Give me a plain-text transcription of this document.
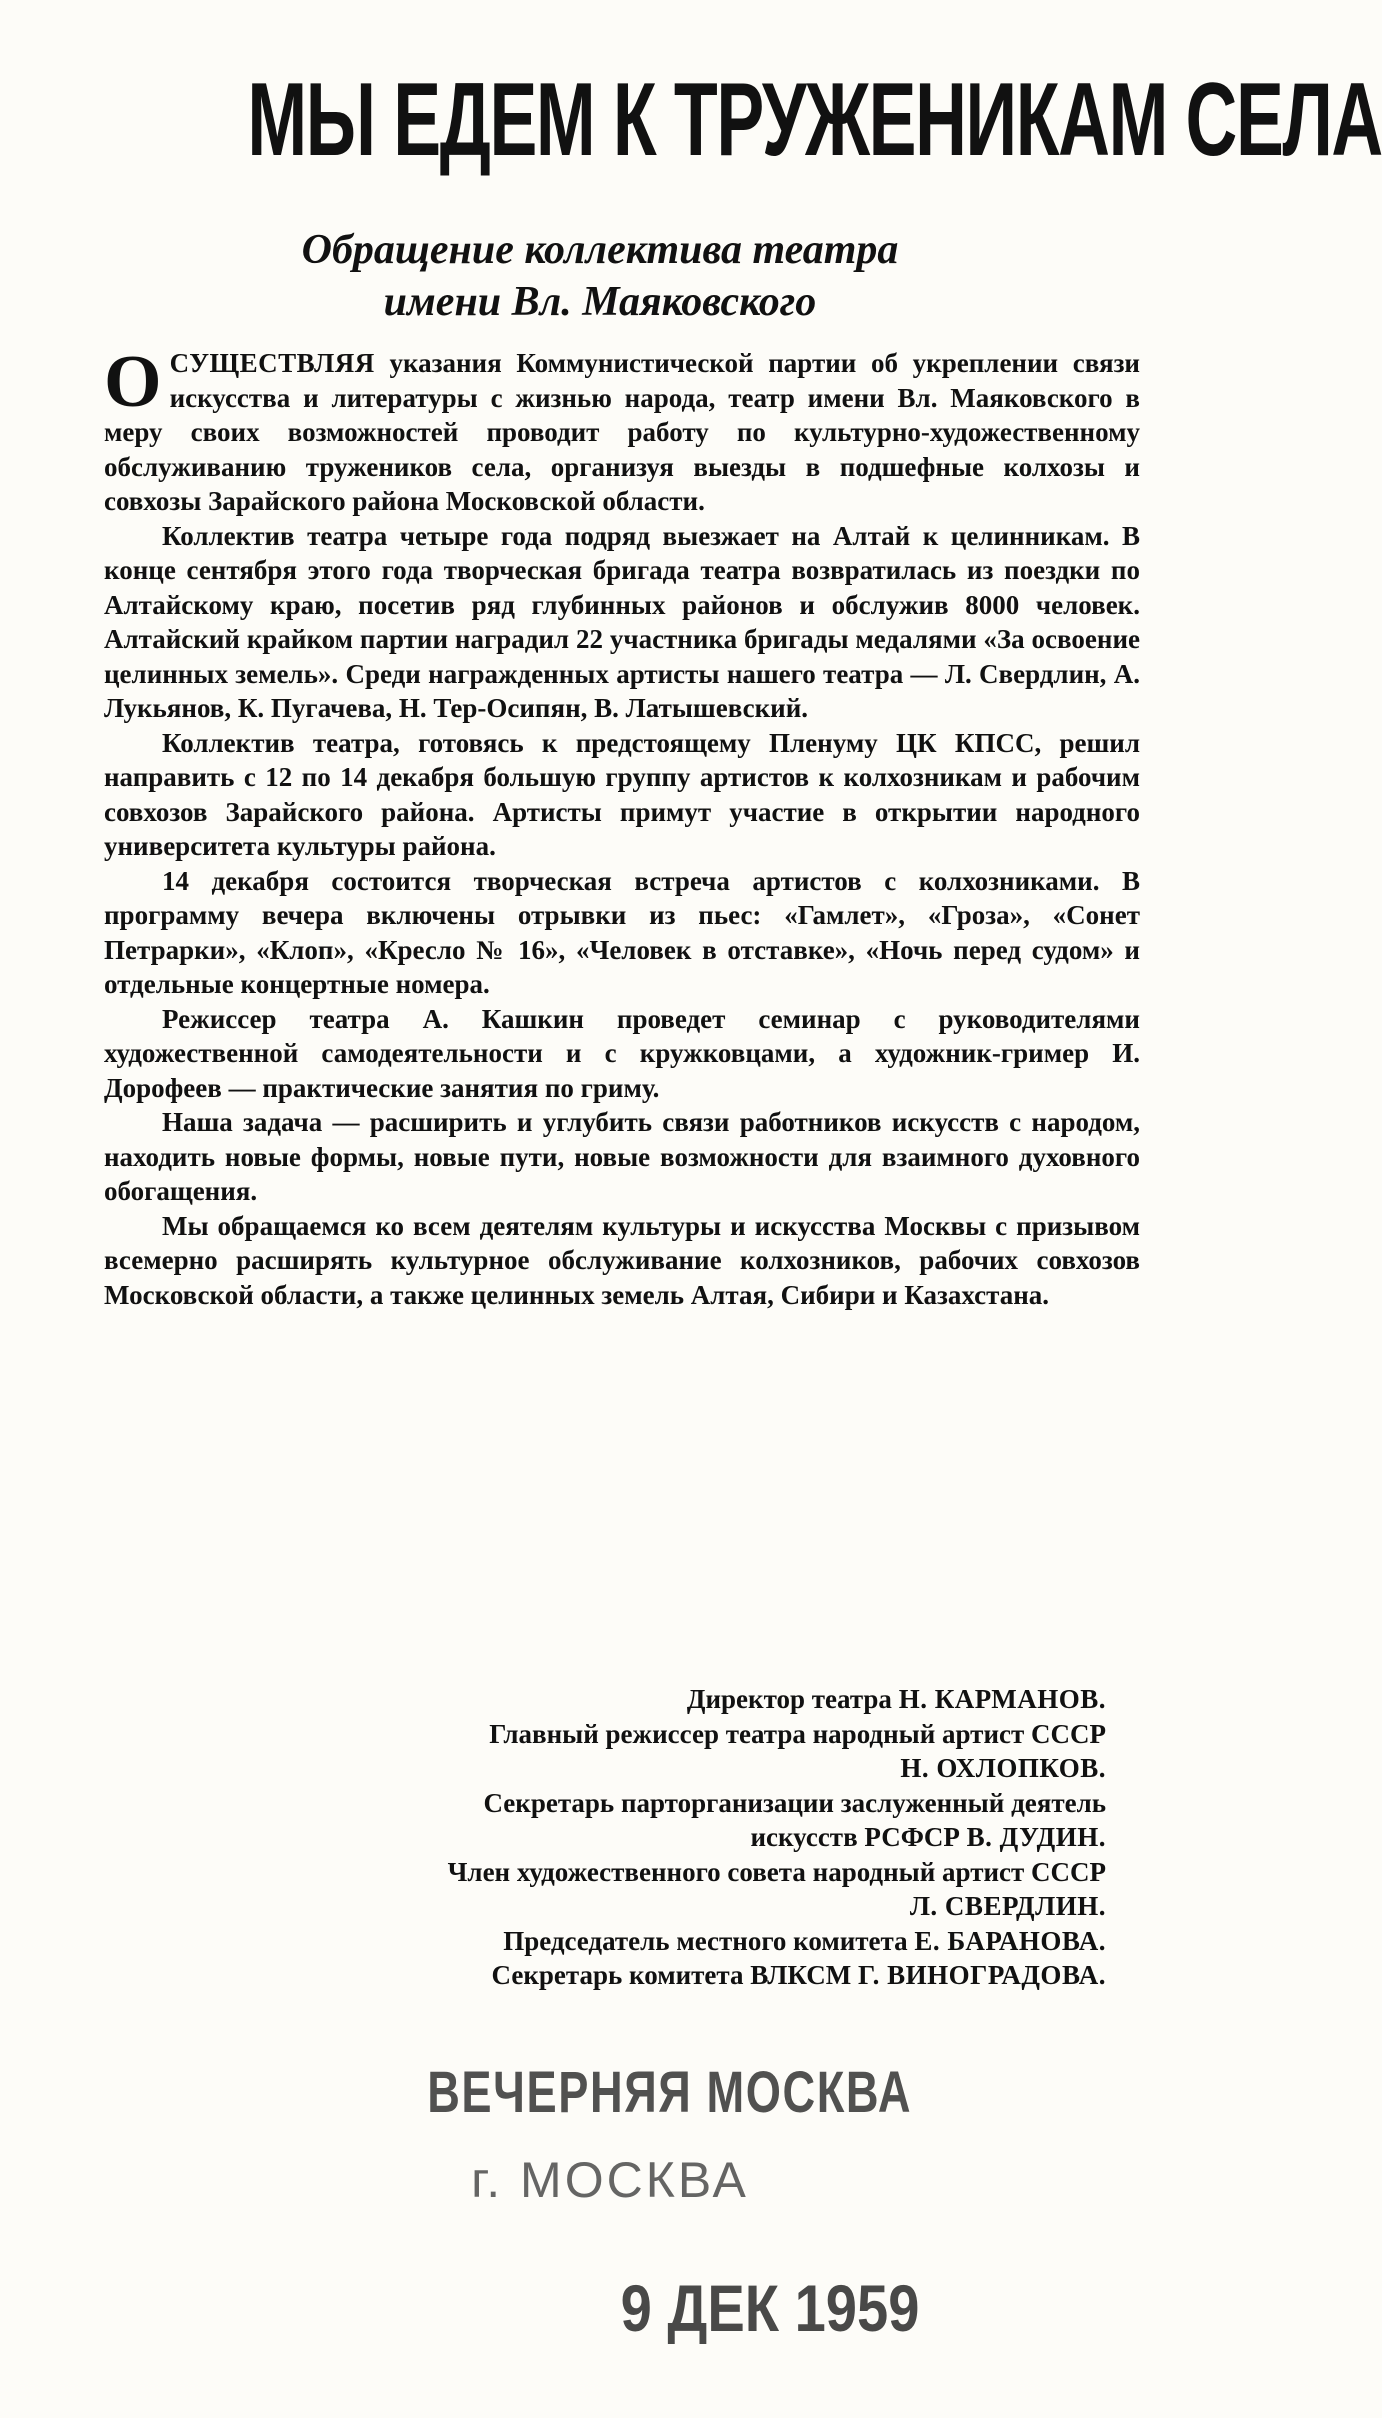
МЫ ЕДЕМ К ТРУЖЕНИКАМ СЕЛА
Обращение коллектива театра
имени Вл. Маяковского

ОСУЩЕСТВЛЯЯ указания Коммунистической партии об укреплении связи искусства и литературы с жизнью народа, театр имени Вл. Маяковского в меру своих возможностей проводит работу по культурно-художественному обслуживанию тружеников села, организуя выезды в подшефные колхозы и совхозы Зарайского района Московской области.

Коллектив театра четыре года подряд выезжает на Алтай к целинникам. В конце сентября этого года творческая бригада театра возвратилась из поездки по Алтайскому краю, посетив ряд глубинных районов и обслужив 8000 человек. Алтайский крайком партии наградил 22 участника бригады медалями «За освоение целинных земель». Среди награжденных артисты нашего театра — Л. Свердлин, А. Лукьянов, К. Пугачева, Н. Тер-Осипян, В. Латышевский.

Коллектив театра, готовясь к предстоящему Пленуму ЦК КПСС, решил направить с 12 по 14 декабря большую группу артистов к колхозникам и рабочим совхозов Зарайского района. Артисты примут участие в открытии народного университета культуры района.

14 декабря состоится творческая встреча артистов с колхозниками. В программу вечера включены отрывки из пьес: «Гамлет», «Гроза», «Сонет Петрарки», «Клоп», «Кресло № 16», «Человек в отставке», «Ночь перед судом» и отдельные концертные номера.

Режиссер театра А. Кашкин проведет семинар с руководителями художественной самодеятельности и с кружковцами, а художник-гример И. Дорофеев — практические занятия по гриму.

Наша задача — расширить и углубить связи работников искусств с народом, находить новые формы, новые пути, новые возможности для взаимного духовного обогащения.

Мы обращаемся ко всем деятелям культуры и искусства Москвы с призывом всемерно расширять культурное обслуживание колхозников, рабочих совхозов Московской области, а также целинных земель Алтая, Сибири и Казахстана.

Директор театра Н. КАРМАНОВ.
Главный режиссер театра народный артист СССР
Н. ОХЛОПКОВ.
Секретарь парторганизации заслуженный деятель
искусств РСФСР В. ДУДИН.
Член художественного совета народный артист СССР
Л. СВЕРДЛИН.
Председатель местного комитета Е. БАРАНОВА.
Секретарь комитета ВЛКСМ Г. ВИНОГРАДОВА.
ВЕЧЕРНЯЯ МОСКВА
г. МОСКВА
9 ДЕК 1959
